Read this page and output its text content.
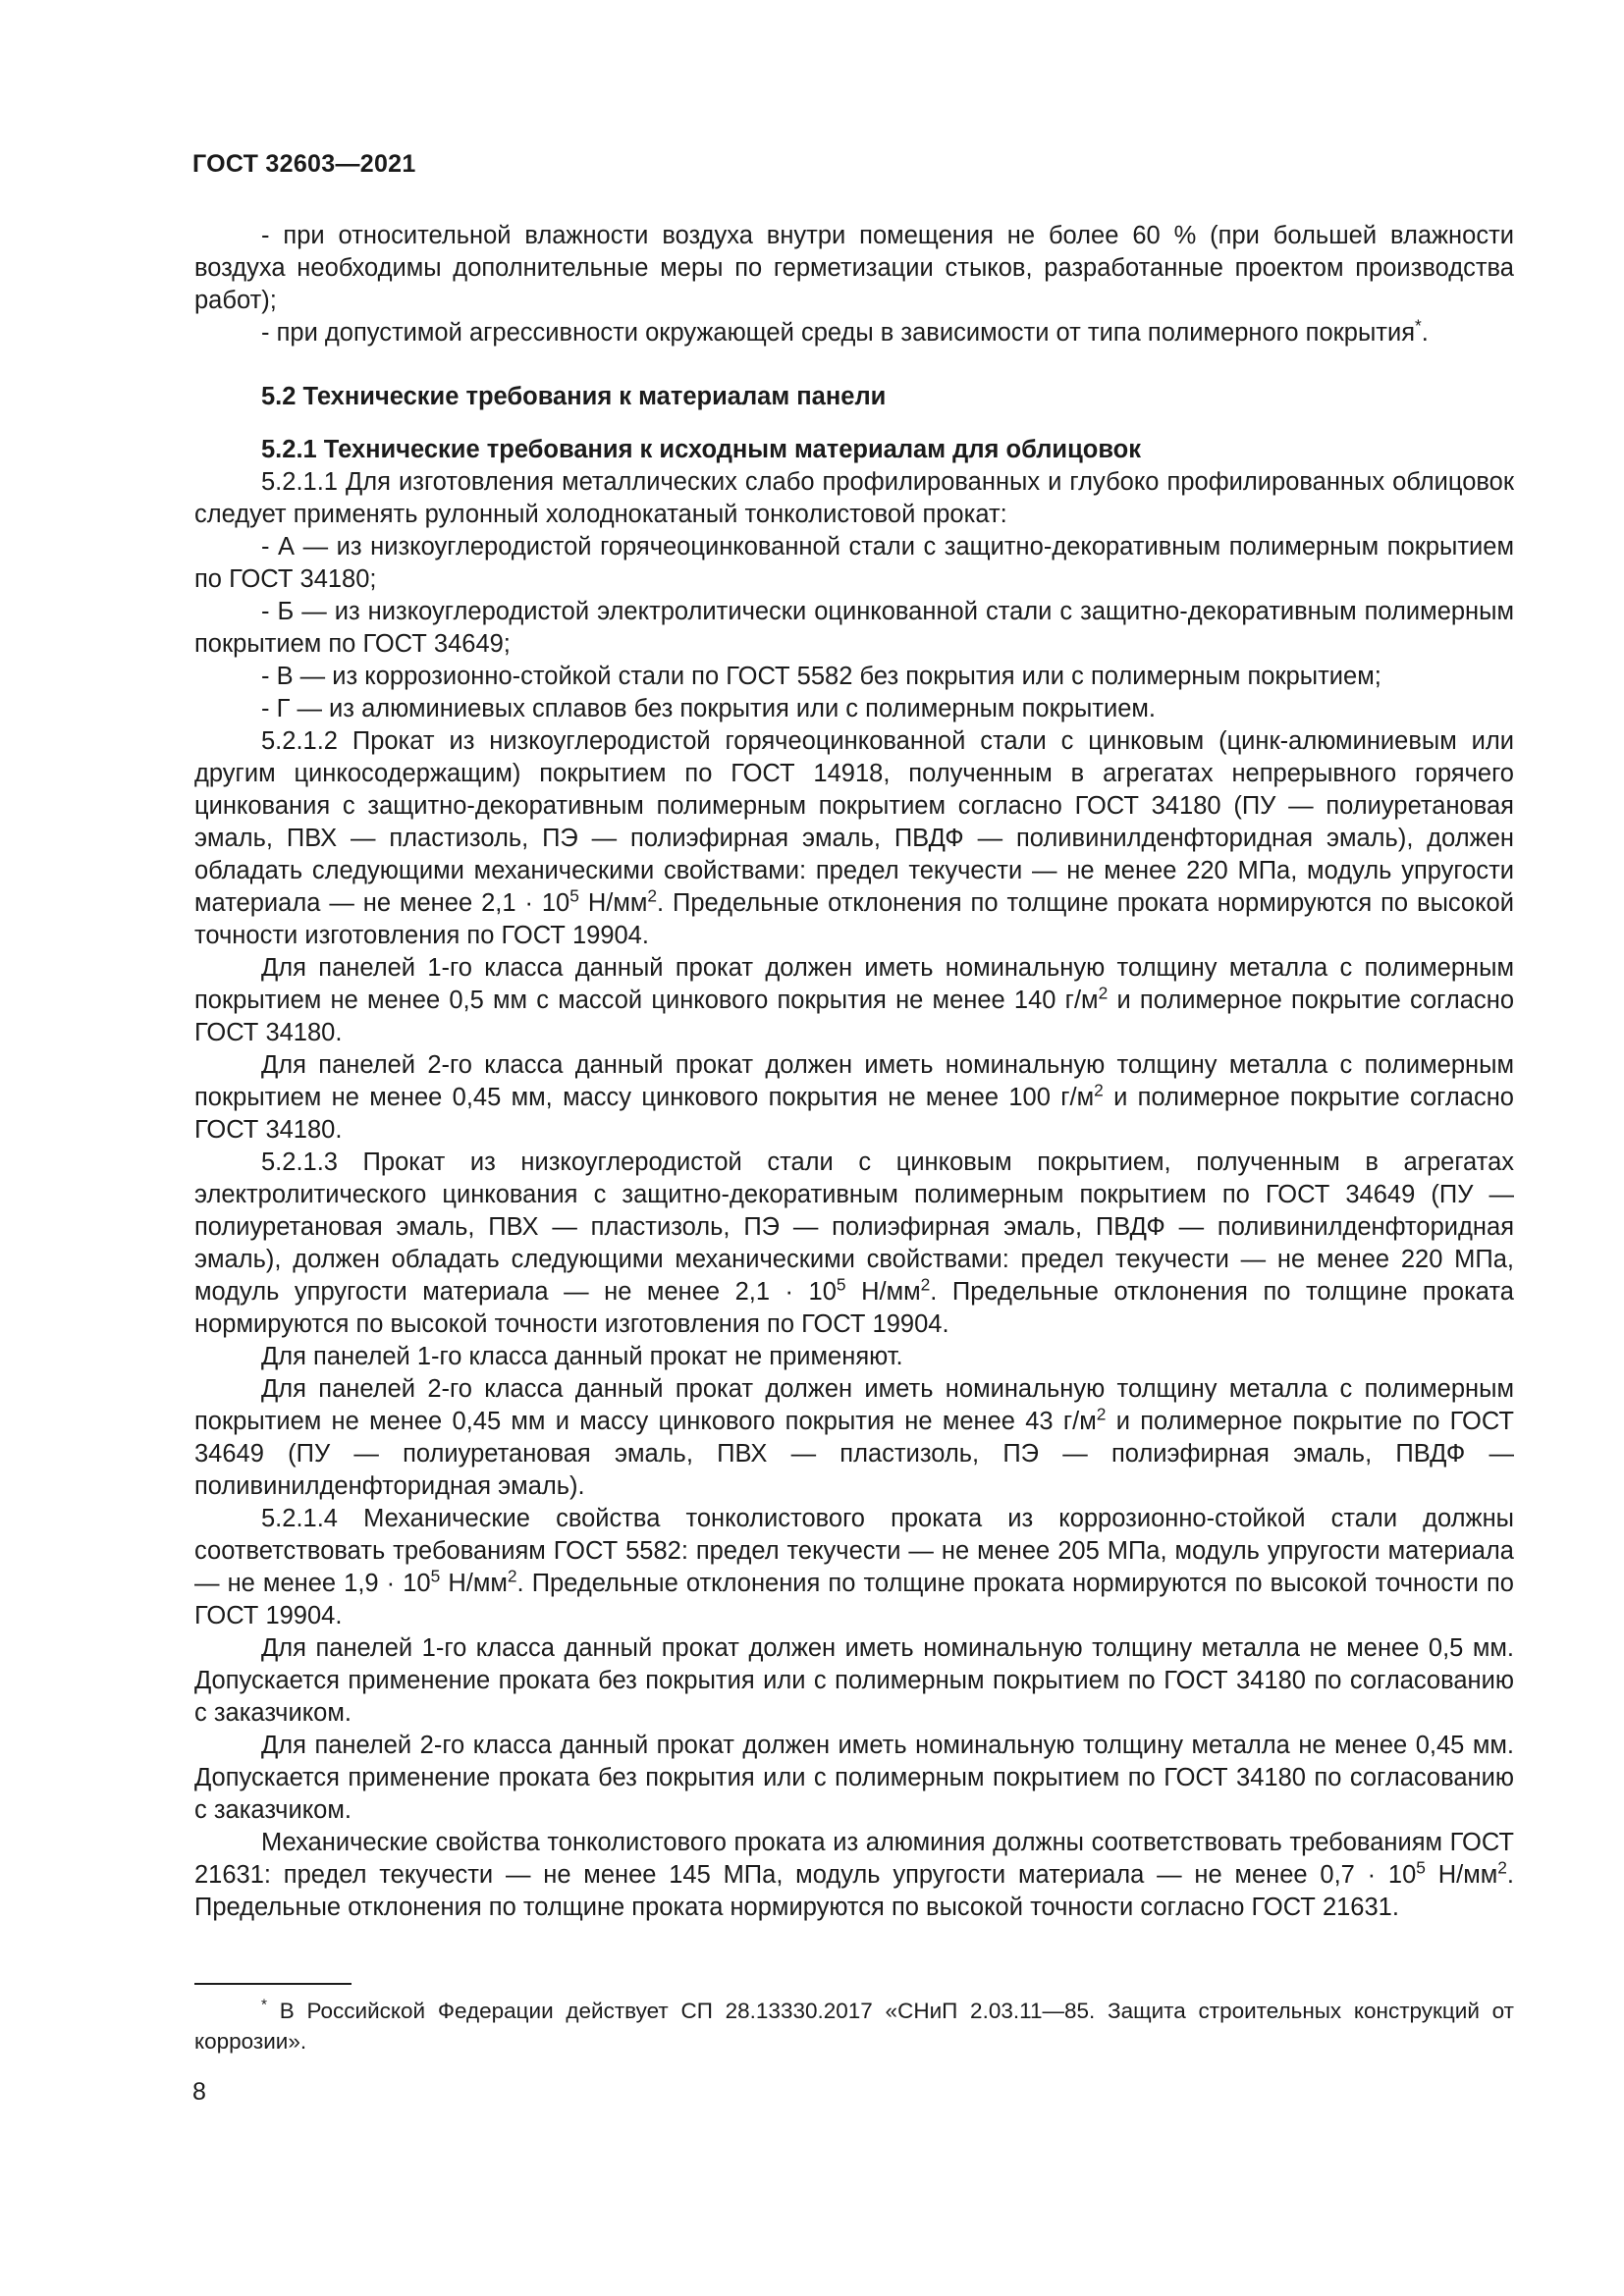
ГОСТ 32603—2021

- при относительной влажности воздуха внутри помещения не более 60 % (при большей влажности воздуха необходимы дополнительные меры по герметизации стыков, разработанные проектом производства работ);

- при допустимой агрессивности окружающей среды в зависимости от типа полимерного покрытия*.

5.2 Технические требования к материалам панели

5.2.1 Технические требования к исходным материалам для облицовок

5.2.1.1 Для изготовления металлических слабо профилированных и глубоко профилированных облицовок следует применять рулонный холоднокатаный тонколистовой прокат:

- А — из низкоуглеродистой горячеоцинкованной стали с защитно-декоративным полимерным покрытием по ГОСТ 34180;

- Б — из низкоуглеродистой электролитически оцинкованной стали с защитно-декоративным полимерным покрытием по ГОСТ 34649;

- В — из коррозионно-стойкой стали по ГОСТ 5582 без покрытия или с полимерным покрытием;

- Г — из алюминиевых сплавов без покрытия или с полимерным покрытием.

5.2.1.2 Прокат из низкоуглеродистой горячеоцинкованной стали с цинковым (цинк-алюминиевым или другим цинкосодержащим) покрытием по ГОСТ 14918, полученным в агрегатах непрерывного горячего цинкования с защитно-декоративным полимерным покрытием согласно ГОСТ 34180 (ПУ — полиуретановая эмаль, ПВХ — пластизоль, ПЭ — полиэфирная эмаль, ПВДФ — поливинилденфторидная эмаль), должен обладать следующими механическими свойствами: предел текучести — не менее 220 МПа, модуль упругости материала — не менее $2,1 \cdot 10^5$ $Н/мм^2$. Предельные отклонения по толщине проката нормируются по высокой точности изготовления по ГОСТ 19904.

Для панелей 1-го класса данный прокат должен иметь номинальную толщину металла с полимерным покрытием не менее 0,5 мм с массой цинкового покрытия не менее 140 $г/м^2$ и полимерное покрытие согласно ГОСТ 34180.

Для панелей 2-го класса данный прокат должен иметь номинальную толщину металла с полимерным покрытием не менее 0,45 мм, массу цинкового покрытия не менее 100 $г/м^2$ и полимерное покрытие согласно ГОСТ 34180.

5.2.1.3 Прокат из низкоуглеродистой стали с цинковым покрытием, полученным в агрегатах электролитического цинкования с защитно-декоративным полимерным покрытием по ГОСТ 34649 (ПУ — полиуретановая эмаль, ПВХ — пластизоль, ПЭ — полиэфирная эмаль, ПВДФ — поливинилденфторидная эмаль), должен обладать следующими механическими свойствами: предел текучести — не менее 220 МПа, модуль упругости материала — не менее $2,1 \cdot 10^5$ $Н/мм^2$. Предельные отклонения по толщине проката нормируются по высокой точности изготовления по ГОСТ 19904.

Для панелей 1-го класса данный прокат не применяют.

Для панелей 2-го класса данный прокат должен иметь номинальную толщину металла с полимерным покрытием не менее 0,45 мм и массу цинкового покрытия не менее 43 $г/м^2$ и полимерное покрытие по ГОСТ 34649 (ПУ — полиуретановая эмаль, ПВХ — пластизоль, ПЭ — полиэфирная эмаль, ПВДФ — поливинилденфторидная эмаль).

5.2.1.4 Механические свойства тонколистового проката из коррозионно-стойкой стали должны соответствовать требованиям ГОСТ 5582: предел текучести — не менее 205 МПа, модуль упругости материала — не менее $1,9 \cdot 10^5$ $Н/мм^2$. Предельные отклонения по толщине проката нормируются по высокой точности по ГОСТ 19904.

Для панелей 1-го класса данный прокат должен иметь номинальную толщину металла не менее 0,5 мм. Допускается применение проката без покрытия или с полимерным покрытием по ГОСТ 34180 по согласованию с заказчиком.

Для панелей 2-го класса данный прокат должен иметь номинальную толщину металла не менее 0,45 мм. Допускается применение проката без покрытия или с полимерным покрытием по ГОСТ 34180 по согласованию с заказчиком.

Механические свойства тонколистового проката из алюминия должны соответствовать требованиям ГОСТ 21631: предел текучести — не менее 145 МПа, модуль упругости материала — не менее $0,7 \cdot 10^5$ $Н/мм^2$. Предельные отклонения по толщине проката нормируются по высокой точности согласно ГОСТ 21631.

* В Российской Федерации действует СП 28.13330.2017 «СНиП 2.03.11—85. Защита строительных конструкций от коррозии».

8
